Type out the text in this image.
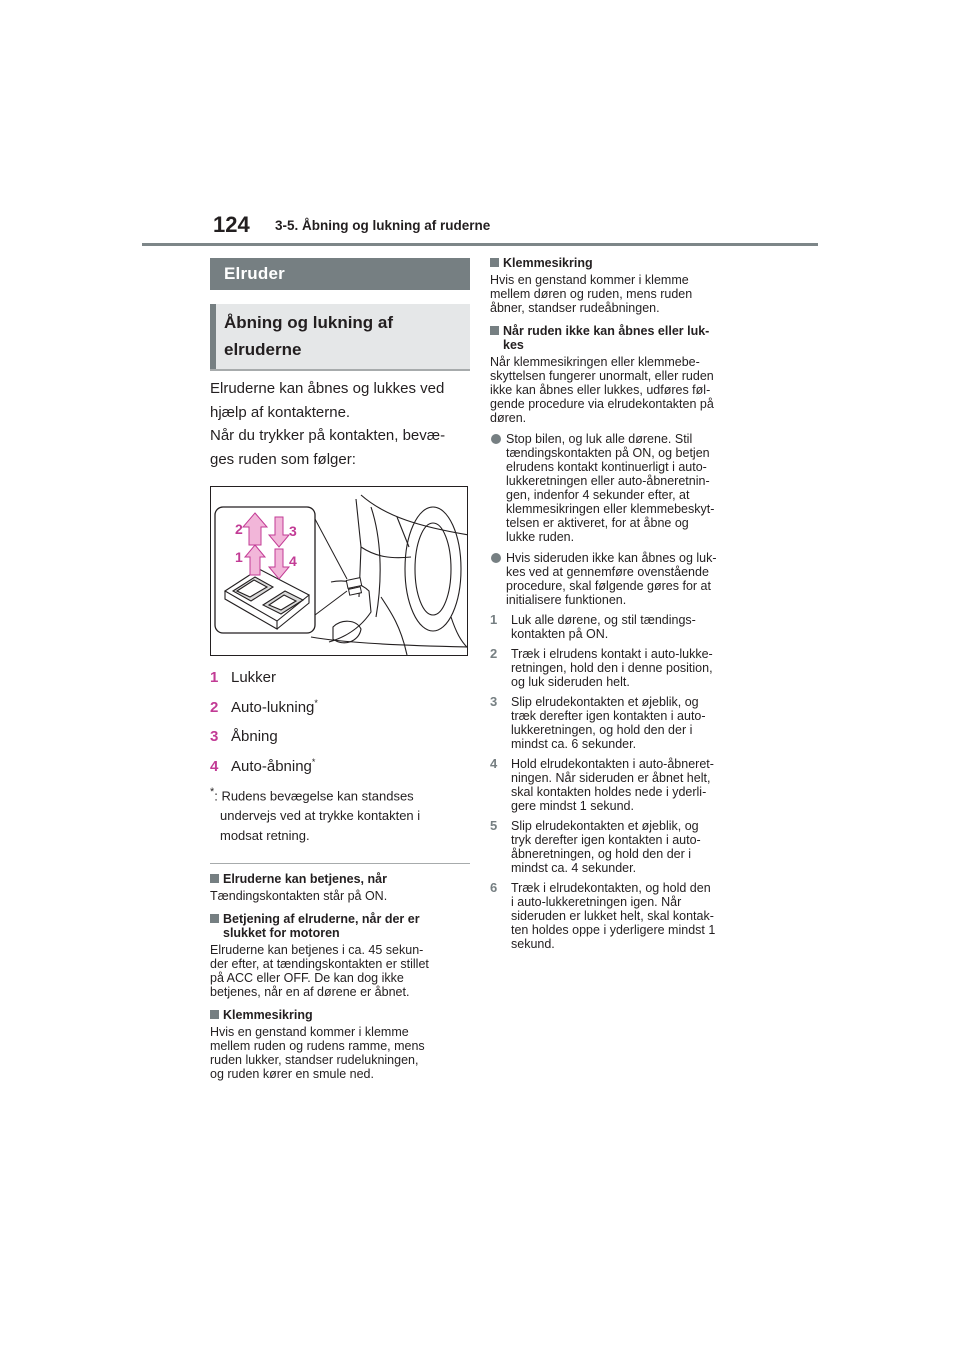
124 3-5. Åbning og lukning af ruderne
Elruder
Åbning og lukning af
elruderne
Elruderne kan åbnes og lukkes ved
hjælp af kontakterne.
Når du trykker på kontakten, bevæ-
ges ruden som følger:
2	3
1	4
1 Lukker
2 Auto-lukning*
3 Åbning
4 Auto-åbning*
*: Rudens bevægelse kan standses
undervejs ved at trykke kontakten i
modsat retning.
Elruderne kan betjenes, når
Tændingskontakten står på ON.
Betjening af elruderne, når der er
slukket for motoren
Elruderne kan betjenes i ca. 45 sekun-
der efter, at tændingskontakten er stillet
på ACC eller OFF. De kan dog ikke
betjenes, når en af dørene er åbnet.
Klemmesikring
Hvis en genstand kommer i klemme
mellem ruden og rudens ramme, mens
ruden lukker, standser rudelukningen,
og ruden kører en smule ned.
Klemmesikring
Hvis en genstand kommer i klemme
mellem døren og ruden, mens ruden
åbner, standser rudeåbningen.
Når ruden ikke kan åbnes eller luk-
kes
Når klemmesikringen eller klemmebe-
skyttelsen fungerer unormalt, eller ruden
ikke kan åbnes eller lukkes, udføres føl-
gende procedure via elrudekontakten på
døren.
Stop bilen, og luk alle dørene. Stil
tændingskontakten på ON, og betjen
elrudens kontakt kontinuerligt i auto-
lukkeretningen eller auto-åbneretnin-
gen, indenfor 4 sekunder efter, at
klemmesikringen eller klemmebeskyt-
telsen er aktiveret, for at åbne og
lukke ruden.
Hvis sideruden ikke kan åbnes og luk-
kes ved at gennemføre ovenstående
procedure, skal følgende gøres for at
initialisere funktionen.
1 Luk alle dørene, og stil tændings-
kontakten på ON.
2 Træk i elrudens kontakt i auto-lukke-
retningen, hold den i denne position,
og luk sideruden helt.
3 Slip elrudekontakten et øjeblik, og
træk derefter igen kontakten i auto-
lukkeretningen, og hold den der i
mindst ca. 6 sekunder.
4 Hold elrudekontakten i auto-åbneret-
ningen. Når sideruden er åbnet helt,
skal kontakten holdes nede i yderli-
gere mindst 1 sekund.
5 Slip elrudekontakten et øjeblik, og
tryk derefter igen kontakten i auto-
åbneretningen, og hold den der i
mindst ca. 4 sekunder.
6 Træk i elrudekontakten, og hold den
i auto-lukkeretningen igen. Når
sideruden er lukket helt, skal kontak-
ten holdes oppe i yderligere mindst 1
sekund.
